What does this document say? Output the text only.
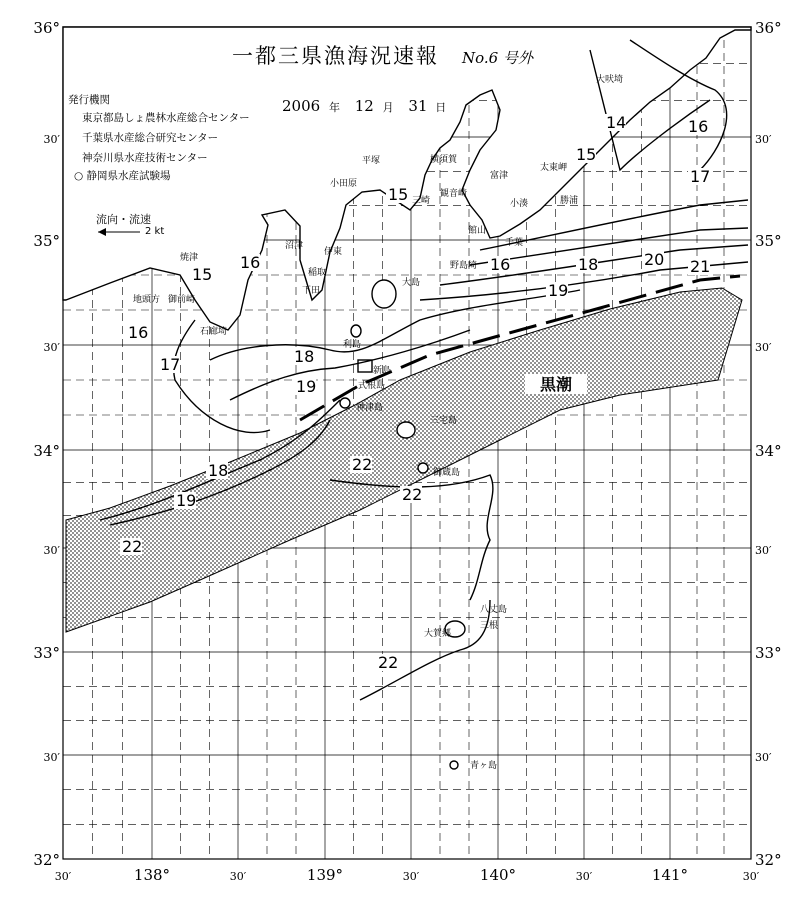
36°	36°
30′	30′
35°	35°
30′	30′
34°	34°
30′	30′
33°	33°
30′	30′
32°	32°
30′	138°	30′	139°	30′	140°	30′	141°	30′
大吠埼
太東岬
勝浦
小湊
千葉
館山
野島埼
富津
横須賀
観音崎
三崎
平塚
小田原
沼津
伊東
稲取
下田
焼津
御前崎
地頭方
石廊埼
利島
新島
式根島
神津島
三宅島
御蔵島
八丈島
大賀郷
三根
青ヶ島
大島
14
15
16
17
18
19
20 21
22
15
16
15
16
16
17	18
19
18
19
22
22
22
黒潮
一都三県漁海況速報 No.6 号外
2006 年 12 月 31 日
発行機関
東京都島しょ農林水産総合センター
千葉県水産総合研究センター
神奈川県水産技術センター
○ 静岡県水産試験場
流向・流速
2 kt
